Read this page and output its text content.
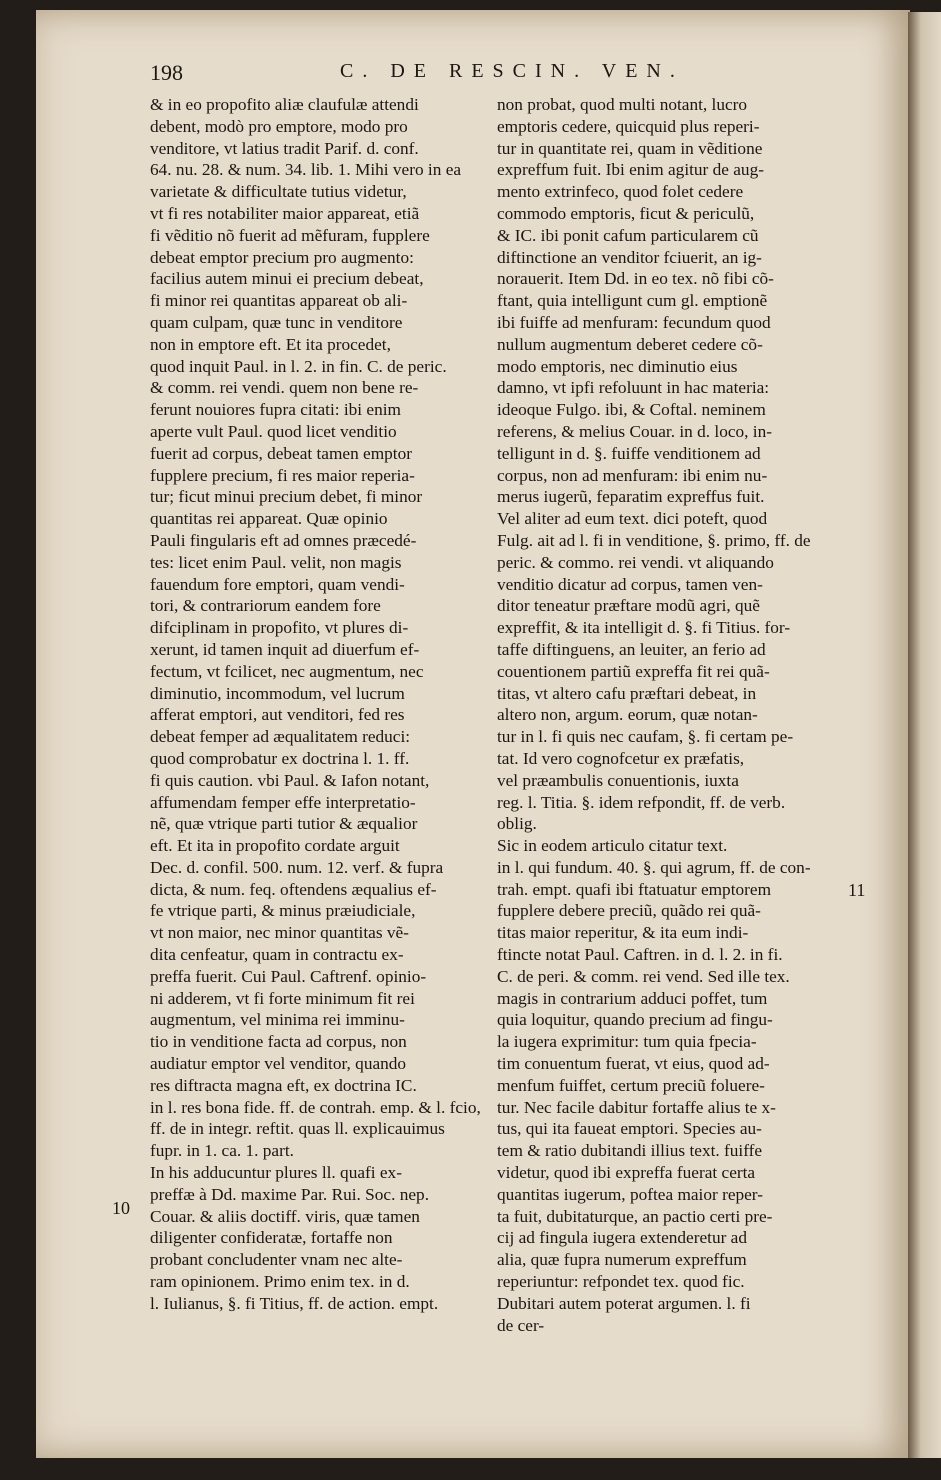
198	C. DE RESCIN. VEN.
& in eo propofito aliæ claufulæ attendi
debent, modò pro emptore, modo pro
venditore, vt latius tradit Parif. d. conf.
64. nu. 28. & num. 34. lib. 1. Mihi vero in ea
varietate & difficultate tutius videtur,
vt fi res notabiliter maior appareat, etiã
fi vẽditio nõ fuerit ad mẽfuram, fupplere
debeat emptor precium pro augmento:
facilius autem minui ei precium debeat,
fi minor rei quantitas appareat ob ali-
quam culpam, quæ tunc in venditore
non in emptore eft. Et ita procedet,
quod inquit Paul. in l. 2. in fin. C. de peric.
& comm. rei vendi. quem non bene re-
ferunt nouiores fupra citati: ibi enim
aperte vult Paul. quod licet venditio
fuerit ad corpus, debeat tamen emptor
fupplere precium, fi res maior reperia-
tur; ficut minui precium debet, fi minor
quantitas rei appareat. Quæ opinio
Pauli fingularis eft ad omnes præcedé-
tes: licet enim Paul. velit, non magis
fauendum fore emptori, quam vendi-
tori, & contrariorum eandem fore
difciplinam in propofito, vt plures di-
xerunt, id tamen inquit ad diuerfum ef-
fectum, vt fcilicet, nec augmentum, nec
diminutio, incommodum, vel lucrum
afferat emptori, aut venditori, fed res
debeat femper ad æqualitatem reduci:
quod comprobatur ex doctrina l. 1. ff.
fi quis caution. vbi Paul. & Iafon notant,
affumendam femper effe interpretatio-
nẽ, quæ vtrique parti tutior & æqualior
eft. Et ita in propofito cordate arguit
Dec. d. confil. 500. num. 12. verf. & fupra
dicta, & num. feq. oftendens æqualius ef-
fe vtrique parti, & minus præiudiciale,
vt non maior, nec minor quantitas vẽ-
dita cenfeatur, quam in contractu ex-
preffa fuerit. Cui Paul. Caftrenf. opinio-
ni adderem, vt fi forte minimum fit rei
augmentum, vel minima rei imminu-
tio in venditione facta ad corpus, non
audiatur emptor vel venditor, quando
res diftracta magna eft, ex doctrina IC.
in l. res bona fide. ff. de contrah. emp. & l. fcio,
ff. de in integr. reftit. quas ll. explicauimus
fupr. in 1. ca. 1. part.
In his adducuntur plures ll. quafi ex-
preffæ à Dd. maxime Par. Rui. Soc. nep.
Couar. & aliis doctiff. viris, quæ tamen
diligenter confideratæ, fortaffe non
probant concludenter vnam nec alte-
ram opinionem. Primo enim tex. in d.
l. Iulianus, §. fi Titius, ff. de action. empt.
non probat, quod multi notant, lucro
emptoris cedere, quicquid plus reperi-
tur in quantitate rei, quam in vẽditione
expreffum fuit. Ibi enim agitur de aug-
mento extrinfeco, quod folet cedere
commodo emptoris, ficut & periculũ,
& IC. ibi ponit cafum particularem cũ
diftinctione an venditor fciuerit, an ig-
norauerit. Item Dd. in eo tex. nõ fibi cõ-
ftant, quia intelligunt cum gl. emptionẽ
ibi fuiffe ad menfuram: fecundum quod
nullum augmentum deberet cedere cõ-
modo emptoris, nec diminutio eius
damno, vt ipfi refoluunt in hac materia:
ideoque Fulgo. ibi, & Coftal. neminem
referens, & melius Couar. in d. loco, in-
telligunt in d. §. fuiffe venditionem ad
corpus, non ad menfuram: ibi enim nu-
merus iugerũ, feparatim expreffus fuit.
Vel aliter ad eum text. dici poteft, quod
Fulg. ait ad l. fi in venditione, §. primo, ff. de
peric. & commo. rei vendi. vt aliquando
venditio dicatur ad corpus, tamen ven-
ditor teneatur præftare modũ agri, quẽ
expreffit, & ita intelligit d. §. fi Titius. for-
taffe diftinguens, an leuiter, an ferio ad
couentionem partiũ expreffa fit rei quã-
titas, vt altero cafu præftari debeat, in
altero non, argum. eorum, quæ notan-
tur in l. fi quis nec caufam, §. fi certam pe-
tat. Id vero cognofcetur ex præfatis,
vel præambulis conuentionis, iuxta
reg. l. Titia. §. idem refpondit, ff. de verb.
oblig.
Sic in eodem articulo citatur text.
in l. qui fundum. 40. §. qui agrum, ff. de con-
trah. empt. quafi ibi ftatuatur emptorem
fupplere debere preciũ, quãdo rei quã-
titas maior reperitur, & ita eum indi-
ftincte notat Paul. Caftren. in d. l. 2. in fi.
C. de peri. & comm. rei vend. Sed ille tex.
magis in contrarium adduci poffet, tum
quia loquitur, quando precium ad fingu-
la iugera exprimitur: tum quia fpecia-
tim conuentum fuerat, vt eius, quod ad-
menfum fuiffet, certum preciũ foluere-
tur. Nec facile dabitur fortaffe alius te x-
tus, qui ita faueat emptori. Species au-
tem & ratio dubitandi illius text. fuiffe
videtur, quod ibi expreffa fuerat certa
quantitas iugerum, poftea maior reper-
ta fuit, dubitaturque, an pactio certi pre-
cij ad fingula iugera extenderetur ad
alia, quæ fupra numerum expreffum
reperiuntur: refpondet tex. quod fic.
Dubitari autem poterat argumen. l. fi
de cer-
10
11
